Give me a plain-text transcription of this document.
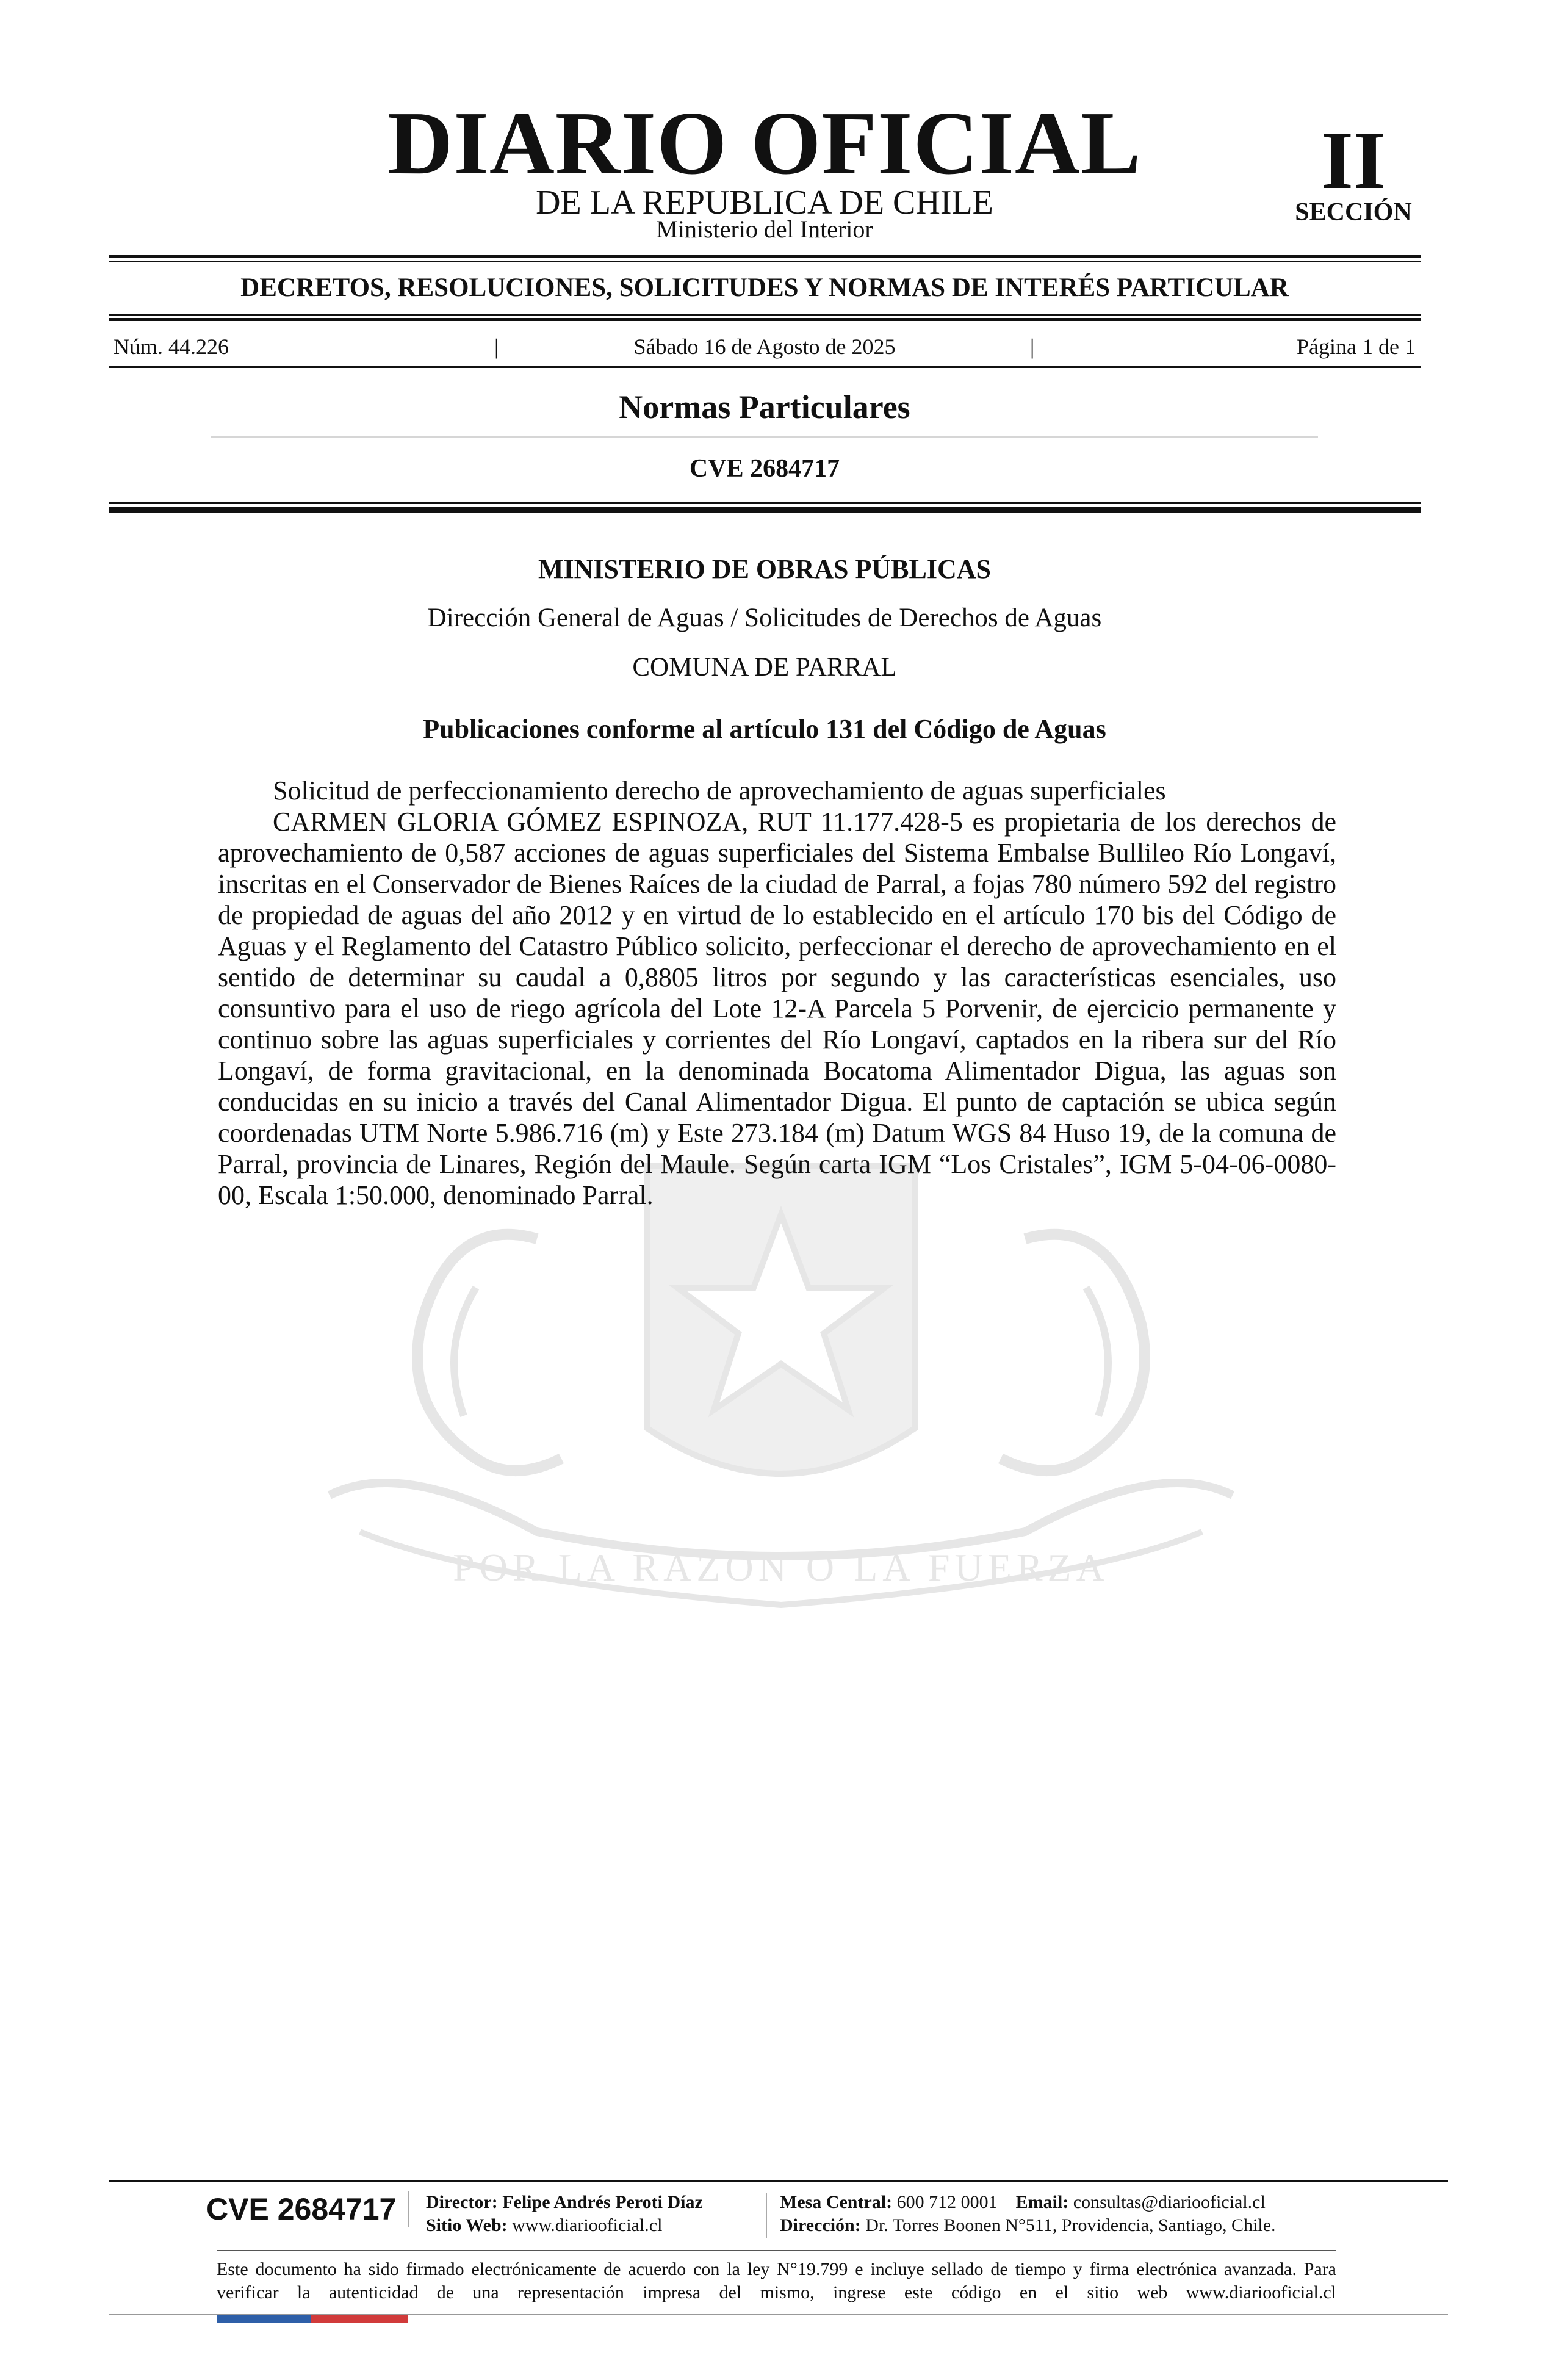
POR LA RAZON O LA FUERZA
DIARIO OFICIAL
DE LA REPUBLICA DE CHILE
Ministerio del Interior
II
SECCIÓN
DECRETOS, RESOLUCIONES, SOLICITUDES Y NORMAS DE INTERÉS PARTICULAR
Núm. 44.226	|	Sábado 16 de Agosto de 2025	|	Página 1 de 1
Normas Particulares
CVE 2684717
MINISTERIO DE OBRAS PÚBLICAS
Dirección General de Aguas / Solicitudes de Derechos de Aguas
COMUNA DE PARRAL
Publicaciones conforme al artículo 131 del Código de Aguas

Solicitud de perfeccionamiento derecho de aprovechamiento de aguas superficiales

CARMEN GLORIA GÓMEZ ESPINOZA, RUT 11.177.428-5 es propietaria de los derechos de aprovechamiento de 0,587 acciones de aguas superficiales del Sistema Embalse Bullileo Río Longaví, inscritas en el Conservador de Bienes Raíces de la ciudad de Parral, a fojas 780 número 592 del registro de propiedad de aguas del año 2012 y en virtud de lo establecido en el artículo 170 bis del Código de Aguas y el Reglamento del Catastro Público solicito, perfeccionar el derecho de aprovechamiento en el sentido de determinar su caudal a 0,8805 litros por segundo y las características esenciales, uso consuntivo para el uso de riego agrícola del Lote 12-A Parcela 5 Porvenir, de ejercicio permanente y continuo sobre las aguas superficiales y corrientes del Río Longaví, captados en la ribera sur del Río Longaví, de forma gravitacional, en la denominada Bocatoma Alimentador Digua, las aguas son conducidas en su inicio a través del Canal Alimentador Digua. El punto de captación se ubica según coordenadas UTM Norte 5.986.716 (m) y Este 273.184 (m) Datum WGS 84 Huso 19, de la comuna de Parral, provincia de Linares, Región del Maule. Según carta IGM “Los Cristales”, IGM 5-04-06-0080-00, Escala 1:50.000, denominado Parral.

CVE 2684717	Director: Felipe Andrés Peroti Díaz
Sitio Web: www.diariooficial.cl
Mesa Central: 600 712 0001 Email: consultas@diariooficial.cl
Dirección: Dr. Torres Boonen N°511, Providencia, Santiago, Chile.
Este documento ha sido firmado electrónicamente de acuerdo con la ley N°19.799 e incluye sellado de tiempo y firma electrónica avanzada. Para verificar la autenticidad de una representación impresa del mismo, ingrese este código en el sitio web www.diariooficial.cl
